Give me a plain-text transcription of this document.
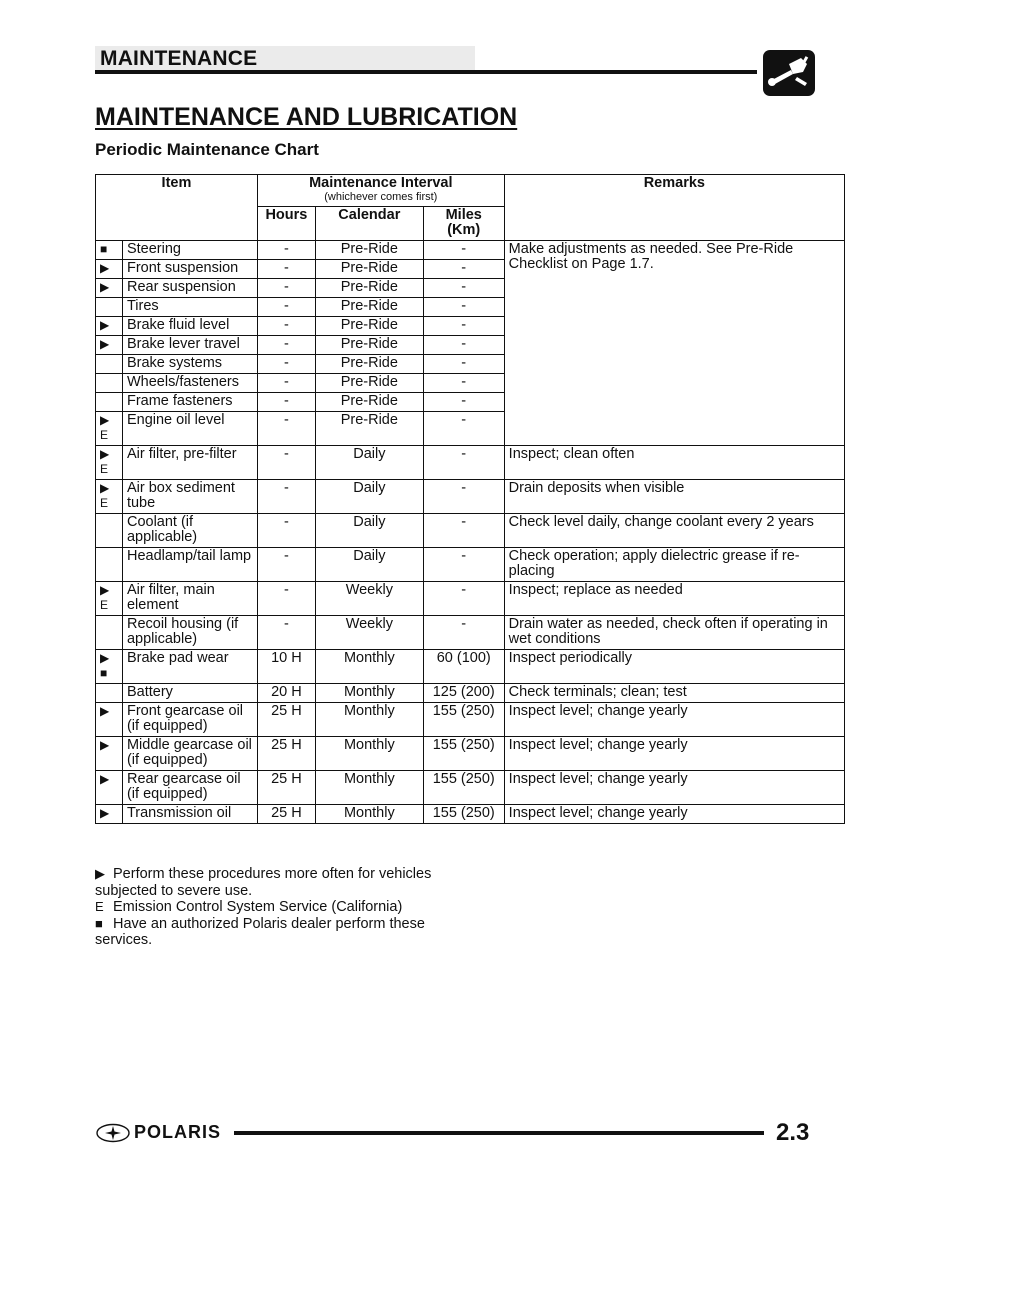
MAINTENANCE
MAINTENANCE AND LUBRICATION
Periodic Maintenance Chart
Item		Maintenance Interval
(whichever comes first)			Remarks
		Hours	Calendar	Miles (Km)	
■	Steering	-	Pre-Ride	-	Make adjustments as needed. See Pre-Ride Checklist on Page 1.7.
▶	Front suspension	-	Pre-Ride	-	
▶	Rear suspension	-	Pre-Ride	-	
	Tires	-	Pre-Ride	-	
▶	Brake fluid level	-	Pre-Ride	-	
▶	Brake lever travel	-	Pre-Ride	-	
	Brake systems	-	Pre-Ride	-	
	Wheels/fasteners	-	Pre-Ride	-	
	Frame fasteners	-	Pre-Ride	-	
▶
E	Engine oil level	-	Pre-Ride	-	
▶
E	Air filter, pre-filter	-	Daily	-	Inspect; clean often
▶
E	Air box sediment tube	-	Daily	-	Drain deposits when visible
	Coolant (if applicable)	-	Daily	-	Check level daily, change coolant every 2 years
	Headlamp/tail lamp	-	Daily	-	Check operation; apply dielectric grease if re- placing
▶
E	Air filter, main element	-	Weekly	-	Inspect; replace as needed
	Recoil housing (if applicable)	-	Weekly	-	Drain water as needed, check often if operating in wet conditions
▶
■	Brake pad wear	10 H	Monthly	60 (100)	Inspect periodically
	Battery	20 H	Monthly	125 (200)	Check terminals; clean; test
▶	Front gearcase oil (if equipped)	25 H	Monthly	155 (250)	Inspect level; change yearly
▶	Middle gearcase oil (if equipped)	25 H	Monthly	155 (250)	Inspect level; change yearly
▶	Rear gearcase oil (if equipped)	25 H	Monthly	155 (250)	Inspect level; change yearly
▶	Transmission oil	25 H	Monthly	155 (250)	Inspect level; change yearly
▶ Perform these procedures more often for vehicles subjected to severe use.
E Emission Control System Service (California)
■ Have an authorized Polaris dealer perform these services.
POLARIS	2.3
